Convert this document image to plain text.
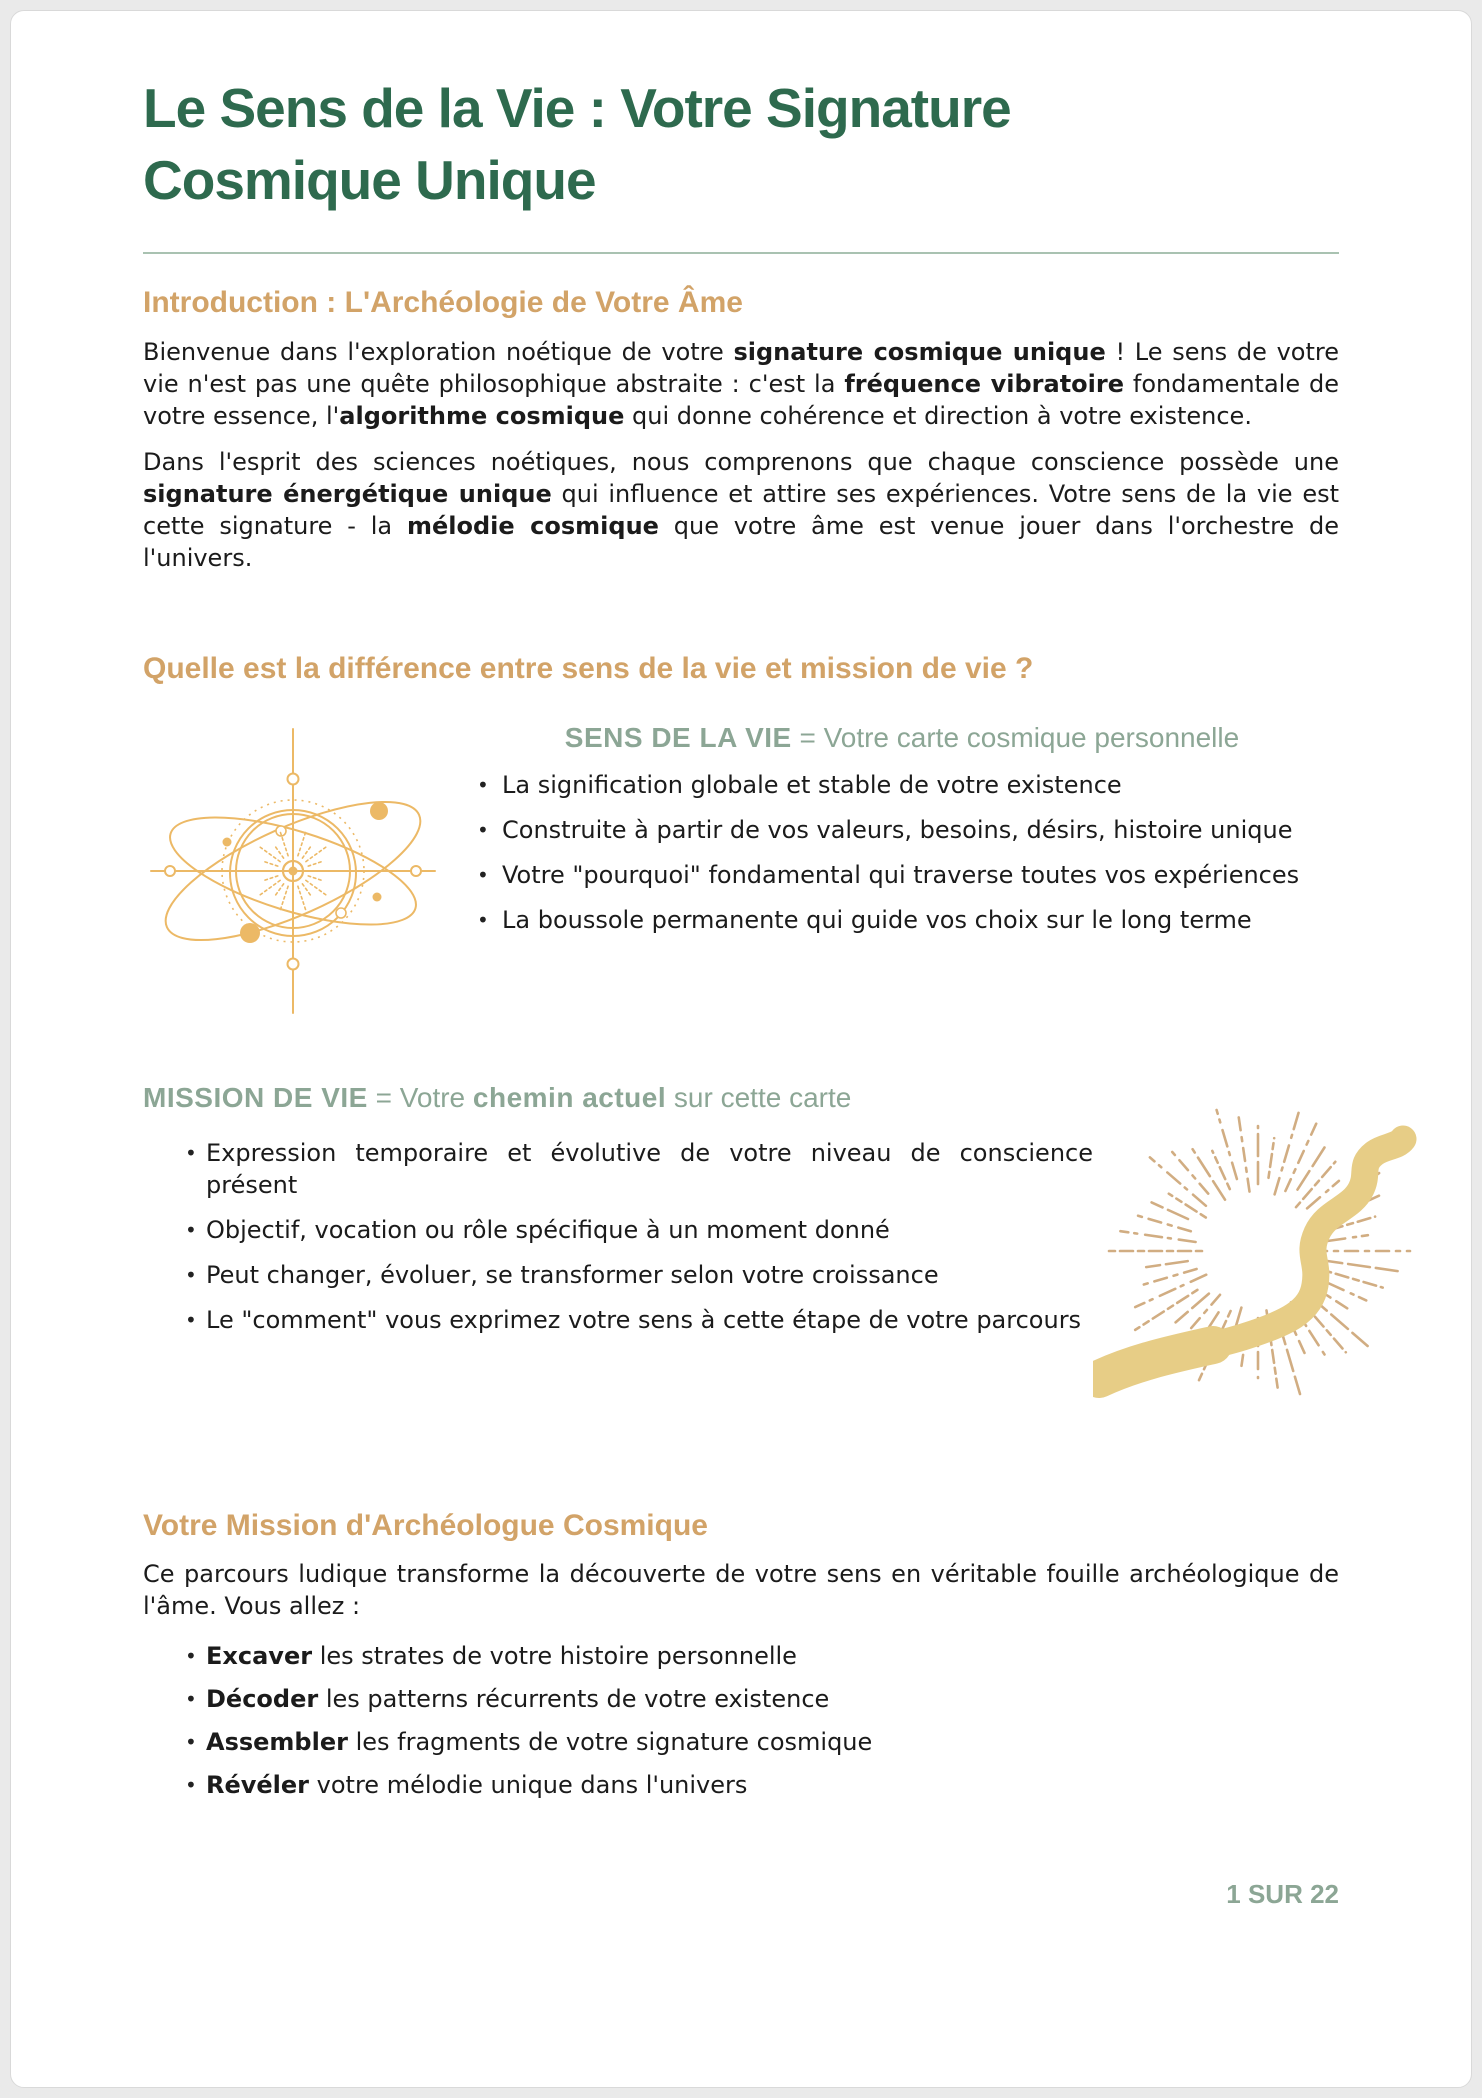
Le Sens de la Vie : Votre Signature Cosmique Unique
Introduction : L'Archéologie de Votre Âme

Bienvenue dans l'exploration noétique de votre signature cosmique unique ! Le sens de votre vie n'est pas une quête philosophique abstraite : c'est la fréquence vibratoire fondamentale de votre essence, l'algorithme cosmique qui donne cohérence et direction à votre existence.

Dans l'esprit des sciences noétiques, nous comprenons que chaque conscience possède une signature énergétique unique qui influence et attire ses expériences. Votre sens de la vie est cette signature - la mélodie cosmique que votre âme est venue jouer dans l'orchestre de l'univers.

Quelle est la différence entre sens de la vie et mission de vie ?
SENS DE LA VIE = Votre carte cosmique personnelle
• La signification globale et stable de votre existence
• Construite à partir de vos valeurs, besoins, désirs, histoire unique
• Votre "pourquoi" fondamental qui traverse toutes vos expériences
• La boussole permanente qui guide vos choix sur le long terme
MISSION DE VIE = Votre chemin actuel sur cette carte
• Expression temporaire et évolutive de votre niveau de conscience présent
• Objectif, vocation ou rôle spécifique à un moment donné
• Peut changer, évoluer, se transformer selon votre croissance
• Le "comment" vous exprimez votre sens à cette étape de votre parcours
Votre Mission d'Archéologue Cosmique

Ce parcours ludique transforme la découverte de votre sens en véritable fouille archéologique de l'âme. Vous allez :

• Excaver les strates de votre histoire personnelle
• Décoder les patterns récurrents de votre existence
• Assembler les fragments de votre signature cosmique
• Révéler votre mélodie unique dans l'univers
1 SUR 22
